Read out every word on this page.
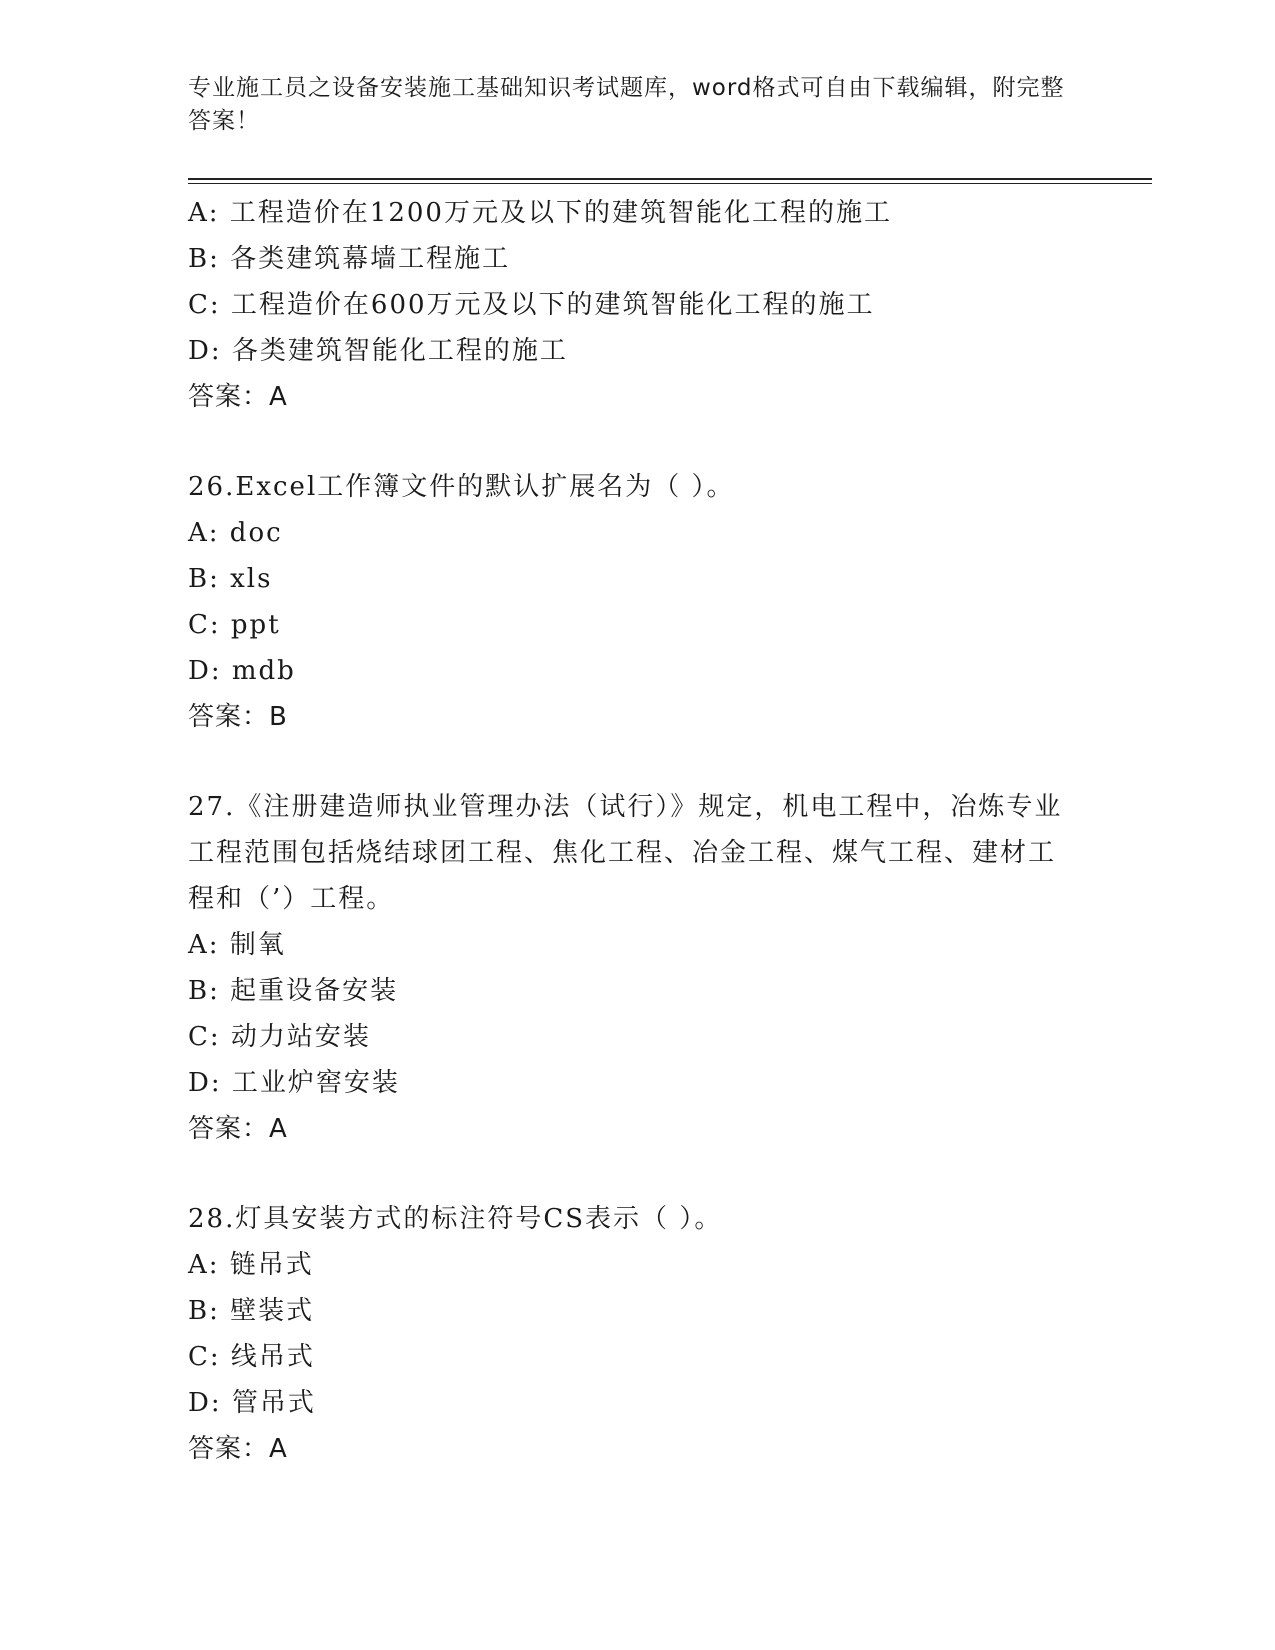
专业施工员之设备安装施工基础知识考试题库，word格式可自由下载编辑，附完整答案！
A: 工程造价在1200万元及以下的建筑智能化工程的施工
B: 各类建筑幕墙工程施工
C: 工程造价在600万元及以下的建筑智能化工程的施工
D: 各类建筑智能化工程的施工
答案：A
26.Excel工作簿文件的默认扩展名为（ ）。
A: doc
B: xls
C: ppt
D: mdb
答案：B
27.《注册建造师执业管理办法（试行）》规定，机电工程中，冶炼专业工程范围包括烧结球团工程、焦化工程、冶金工程、煤气工程、建材工程和（’）工程。
A: 制氧
B: 起重设备安装
C: 动力站安装
D: 工业炉窖安装
答案：A
28.灯具安装方式的标注符号CS表示（ ）。
A: 链吊式
B: 壁装式
C: 线吊式
D: 管吊式
答案：A
